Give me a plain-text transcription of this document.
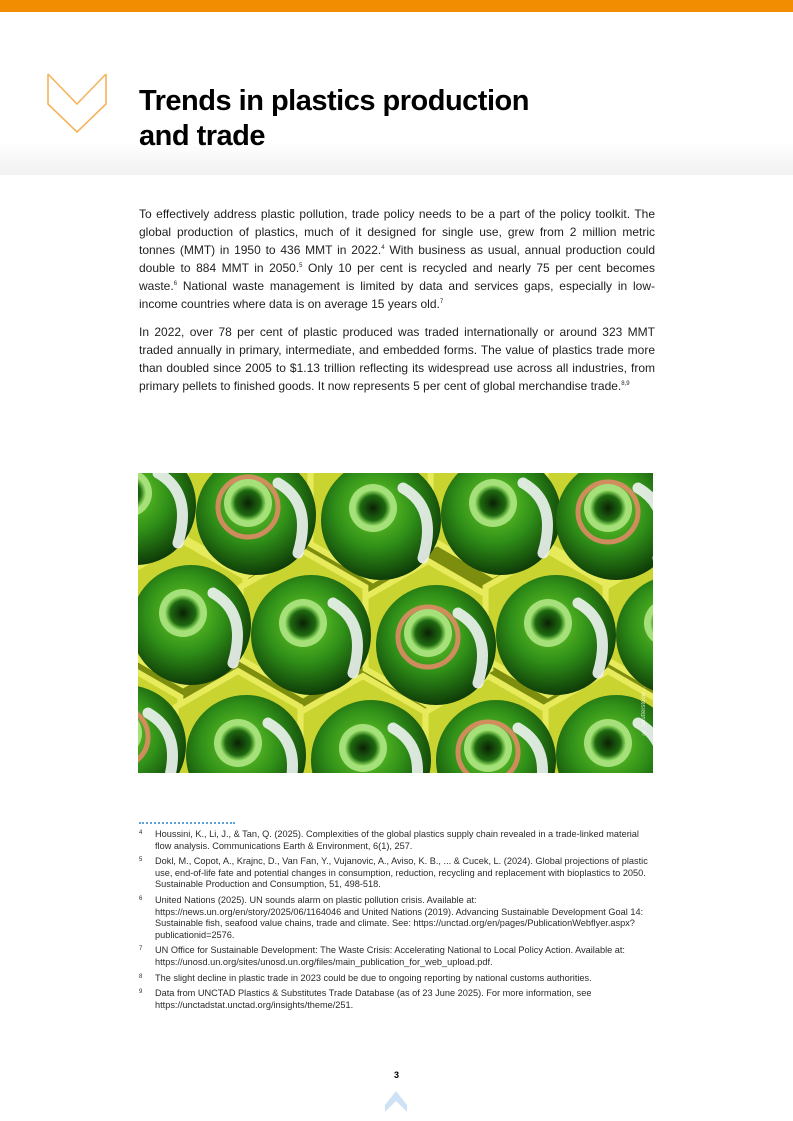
Trends in plastics production
and trade

To effectively address plastic pollution, trade policy needs to be a part of the policy toolkit. The global production of plastics, much of it designed for single use, grew from 2 million metric tonnes (MMT) in 1950 to 436 MMT in 2022.$^4$ With business as usual, annual production could double to 884 MMT in 2050.$^5$ Only 10 per cent is recycled and nearly 75 per cent becomes waste.$^6$ National waste management is limited by data and services gaps, especially in low-income countries where data is on average 15 years old.$^7$

In 2022, over 78 per cent of plastic produced was traded internationally or around 323 MMT traded annually in primary, intermediate, and embedded forms. The value of plastics trade more than doubled since 2005 to $1.13 trillion reflecting its widespread use across all industries, from primary pellets to finished goods. It now represents 5 per cent of global merchandise trade.$^{8,9}$

© Shutterstock/...
4	Houssini, K., Li, J., & Tan, Q. (2025). Complexities of the global plastics supply chain revealed in a trade-linked material flow analysis. Communications Earth & Environment, 6(1), 257.
5	Dokl, M., Copot, A., Krajnc, D., Van Fan, Y., Vujanovic, A., Aviso, K. B., ... & Cucek, L. (2024). Global projections of plastic use, end-of-life fate and potential changes in consumption, reduction, recycling and replacement with bioplastics to 2050. Sustainable Production and Consumption, 51, 498-518.
6	United Nations (2025). UN sounds alarm on plastic pollution crisis. Available at: https://news.un.org/en/story/2025/06/1164046 and United Nations (2019). Advancing Sustainable Development Goal 14: Sustainable fish, seafood value chains, trade and climate. See: https://unctad.org/en/pages/PublicationWebflyer.aspx?publicationid=2576.
7	UN Office for Sustainable Development: The Waste Crisis: Accelerating National to Local Policy Action. Available at: https://unosd.un.org/sites/unosd.un.org/files/main_publication_for_web_upload.pdf.
8	The slight decline in plastic trade in 2023 could be due to ongoing reporting by national customs authorities.
9	Data from UNCTAD Plastics & Substitutes Trade Database (as of 23 June 2025). For more information, see https://unctadstat.unctad.org/insights/theme/251.
3
